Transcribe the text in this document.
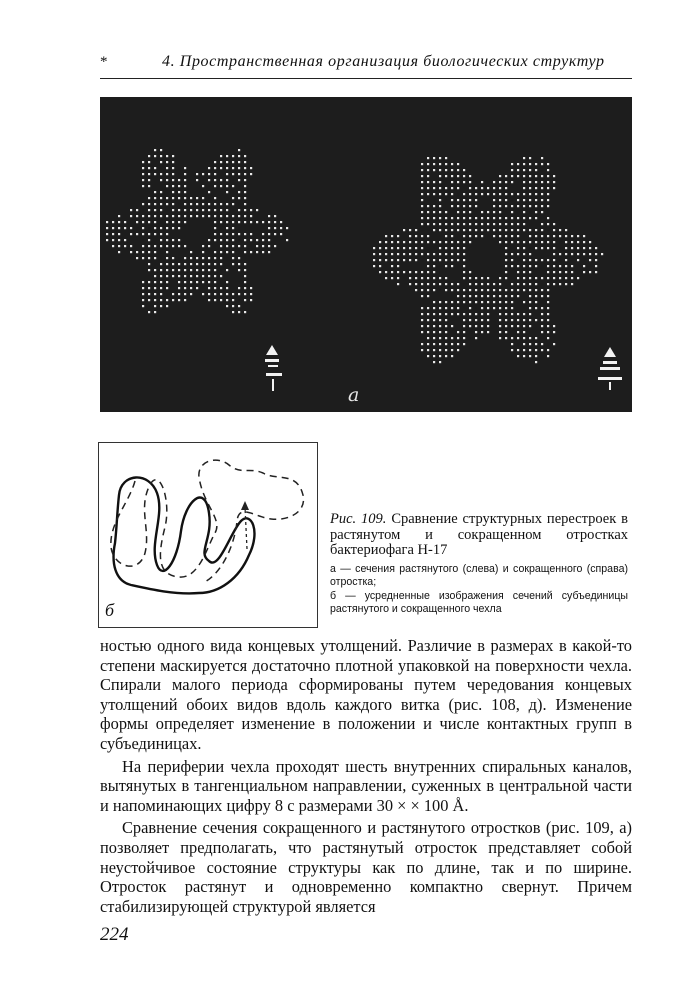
*	4. Пространственная организация биологических структур
а
б

Рис. 109. Сравнение структурных перестроек в растянутом и сокращенном отростках бактериофага Н-17

а — сечения растянутого (слева) и сокращенного (справа) отростка;

б — усредненные изображения сечений субъединицы растянутого и сокращенного чехла

ностью одного вида концевых утолщений. Различие в размерах в какой-то степени маскируется достаточно плотной упаковкой на поверхности чехла. Спирали малого периода сформированы путем чередования концевых утолщений обоих видов вдоль каждого витка (рис. 108, д). Изменение формы определяет изменение в положении и числе контактных групп в субъединицах.

На периферии чехла проходят шесть внутренних спиральных каналов, вытянутых в тангенциальном направлении, суженных в центральной части и напоминающих цифру 8 с размерами 30 × × 100 Å.

Сравнение сечения сокращенного и растянутого отростков (рис. 109, а) позволяет предполагать, что растянутый отросток представляет собой неустойчивое состояние структуры как по длине, так и по ширине. Отросток растянут и одновременно компактно свернут. Причем стабилизирующей структурой является

224
